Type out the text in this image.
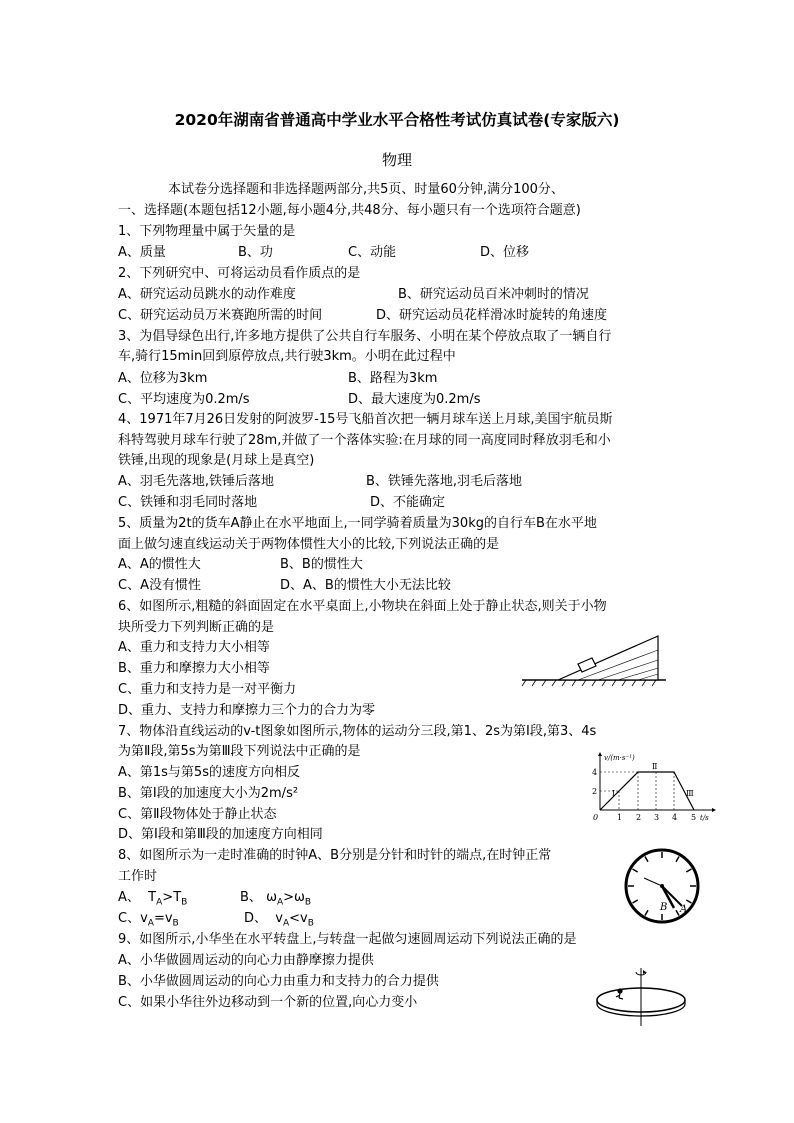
2020年湖南省普通高中学业水平合格性考试仿真试卷(专家版六)
物理
本试卷分选择题和非选择题两部分,共5页、时量60分钟,满分100分、
一、选择题(本题包括12小题,每小题4分,共48分、每小题只有一个选项符合题意)
1、下列物理量中属于矢量的是
A、质量	B、功	C、动能	D、位移
2、下列研究中、可将运动员看作质点的是
A、研究运动员跳水的动作难度	B、研究运动员百米冲刺时的情况
C、研究运动员万米赛跑所需的时间	D、研究运动员花样滑冰时旋转的角速度
3、为倡导绿色出行,许多地方提供了公共自行车服务、小明在某个停放点取了一辆自行
车,骑行15min回到原停放点,共行驶3km。小明在此过程中
A、位移为3km	B、路程为3km
C、平均速度为0.2m/s	D、最大速度为0.2m/s
4、1971年7月26日发射的阿波罗-15号飞船首次把一辆月球车送上月球,美国宇航员斯
科特驾驶月球车行驶了28m,并做了一个落体实验:在月球的同一高度同时释放羽毛和小
铁锤,出现的现象是(月球上是真空)
A、羽毛先落地,铁锤后落地	B、铁锤先落地,羽毛后落地
C、铁锤和羽毛同时落地	D、不能确定
5、质量为2t的货车A静止在水平地面上,一同学骑着质量为30kg的自行车B在水平地
面上做匀速直线运动关于两物体惯性大小的比较,下列说法正确的是
A、A的惯性大	B、B的惯性大
C、A没有惯性	D、A、B的惯性大小无法比较
6、如图所示,粗糙的斜面固定在水平桌面上,小物块在斜面上处于静止状态,则关于小物
块所受力下列判断正确的是
A、重力和支持力大小相等
B、重力和摩擦力大小相等
C、重力和支持力是一对平衡力
D、重力、支持力和摩擦力三个力的合力为零
7、物体沿直线运动的v-t图象如图所示,物体的运动分三段,第1、2s为第Ⅰ段,第3、4s
为第Ⅱ段,第5s为第Ⅲ段下列说法中正确的是
A、第1s与第5s的速度方向相反
B、第Ⅰ段的加速度大小为2m/s²
C、第Ⅱ段物体处于静止状态
D、第Ⅰ段和第Ⅲ段的加速度方向相同
v/(m·s⁻¹)
t/s
4
2
0 1 2 3 4 5
Ⅰ
Ⅱ
Ⅲ
8、如图所示为一走时准确的时钟A、B分别是分针和时针的端点,在时钟正常
工作时
A、 $T_A>T_B$	B、 $\omega_A>\omega_B$
C、$v_A=v_B$	D、 $v_A<v_B$
B A
9、如图所示,小华坐在水平转盘上,与转盘一起做匀速圆周运动下列说法正确的是
A、小华做圆周运动的向心力由静摩擦力提供
B、小华做圆周运动的向心力由重力和支持力的合力提供
C、如果小华往外边移动到一个新的位置,向心力变小
